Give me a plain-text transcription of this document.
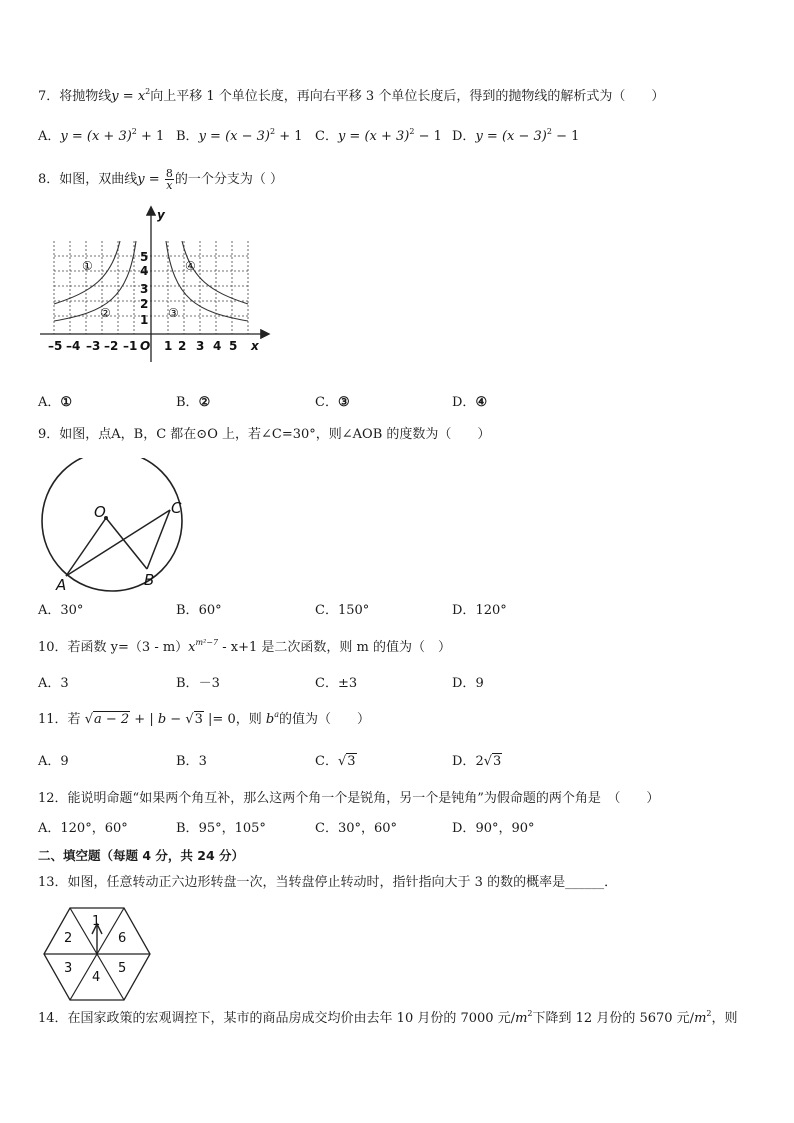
7．将抛物线$y = x^2$向上平移 1 个单位长度，再向右平移 3 个单位长度后，得到的抛物线的解析式为（　　）
A．$y = (x + 3)^2 + 1$ B．$y = (x - 3)^2 + 1$ C．$y = (x + 3)^2 - 1$ D．$y = (x - 3)^2 - 1$
8．如图，双曲线$y = \frac{8}{x}$ 的一个分支为（ ）
y
x
O
1
2
3
4
5
–5 –4 –3 –2 –1 1 2 3 4 5
①
②	③
④
A．①	B．②	C．③	D．④
9．如图，点A，B，C 都在⊙O 上，若∠C=30°，则∠AOB 的度数为（　　）
O
A	B
C
A．30°	B．60°	C．150°	D．120°
10．若函数 $y=(3 - m)x^{m^2-7} - x+1$ 是二次函数，则 m 的值为（　）
A．3	B．－3	C．±3	D．9
11．若 √a − 2 + | b − √3 |= 0，则 $b^a$的值为（　　）
A．9	B．3	C．√3	D．2√3
12．能说明命题“如果两个角互补，那么这两个角一个是锐角，另一个是钝角”为假命题的两个角是　（　　）
A．120°，60°	B．95°，105°	C．30°，60°	D．90°，90°
二、填空题（每题 4 分，共 24 分）
13．如图，任意转动正六边形转盘一次，当转盘停止转动时，指针指向大于 3 的数的概率是______．
1
2
3
4
5
6
14．在国家政策的宏观调控下，某市的商品房成交均价由去年 10 月份的 7000 元$/m^2$下降到 12 月份的 5670 元$/m^2$，则
